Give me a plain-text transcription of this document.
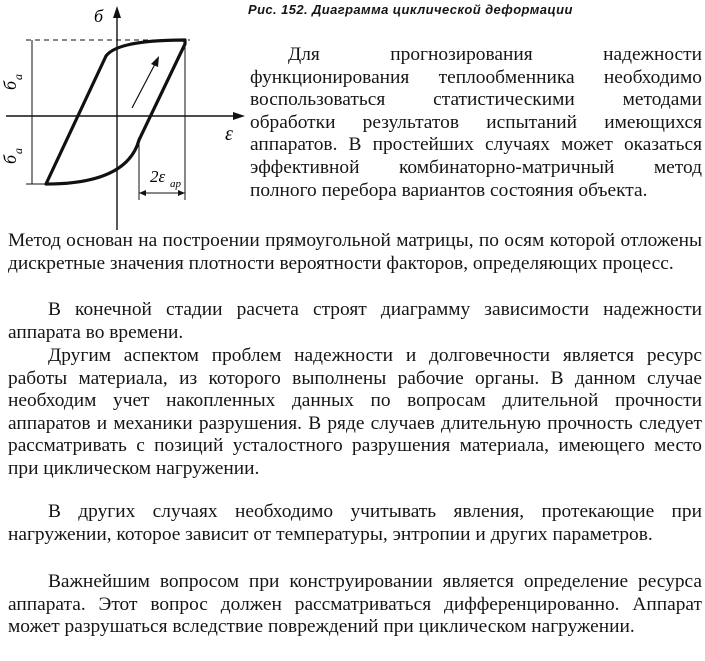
б
ε
б
a
б
a
2ε ap
Рис. 152. Диаграмма циклической деформации

Для прогнозирования надежности функционирования теплообменника необходимо воспользоваться статистическими методами обработки результатов испытаний имеющихся аппаратов. В простейших случаях может оказаться эффективной комбинаторно-матричный метод полного перебора вариантов состояния объекта.

Метод основан на построении прямоугольной матрицы, по осям которой отложены дискретные значения плотности вероятности факторов, определяющих процесс.

В конечной стадии расчета строят диаграмму зависимости надежности аппарата во времени.

Другим аспектом проблем надежности и долговечности является ресурс работы материала, из которого выполнены рабочие органы. В данном случае необходим учет накопленных данных по вопросам длительной прочности аппаратов и механики разрушения. В ряде случаев длительную прочность следует рассматривать с позиций усталостного разрушения материала, имеющего место при циклическом нагружении.

В других случаях необходимо учитывать явления, протекающие при нагружении, которое зависит от температуры, энтропии и других параметров.

Важнейшим вопросом при конструировании является определение ресурса аппарата. Этот вопрос должен рассматриваться дифференцированно. Аппарат может разрушаться вследствие повреждений при циклическом нагружении.
